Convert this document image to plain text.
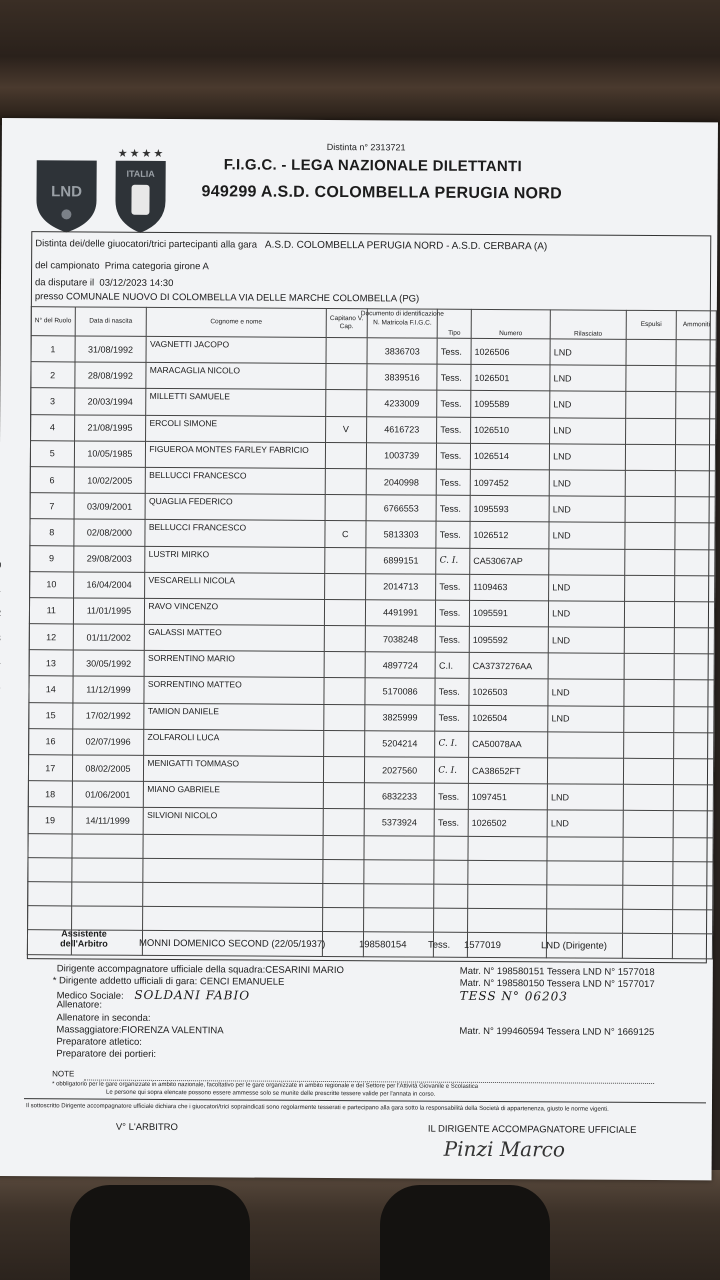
LND
★★★★
ITALIA
Distinta n° 2313721
F.I.G.C. - LEGA NAZIONALE DILETTANTI
949299 A.S.D. COLOMBELLA PERUGIA NORD
Distinta dei/delle giuocatori/trici partecipanti alla gara A.S.D. COLOMBELLA PERUGIA NORD - A.S.D. CERBARA (A)
del campionato Prima categoria girone A
da disputare il 03/12/2023 14:30
presso COMUNALE NUOVO DI COLOMBELLA VIA DELLE MARCHE COLOMBELLA (PG)
N° del Ruolo	Data di nascita	Cognome e nome	Capitano V. Cap.	N. Matricola F.I.G.C.	Tipo	Numero	Rilasciato	Espulsi	Ammoniti
1	31/08/1992	VAGNETTI JACOPO		3836703	Tess.	1026506	LND		
2	28/08/1992	MARACAGLIA NICOLO		3839516	Tess.	1026501	LND		
3	20/03/1994	MILLETTI SAMUELE		4233009	Tess.	1095589	LND		
4	21/08/1995	ERCOLI SIMONE	V	4616723	Tess.	1026510	LND		
5	10/05/1985	FIGUEROA MONTES FARLEY FABRICIO		1003739	Tess.	1026514	LND		
6	10/02/2005	BELLUCCI FRANCESCO		2040998	Tess.	1097452	LND		
7	03/09/2001	QUAGLIA FEDERICO		6766553	Tess.	1095593	LND		
8	02/08/2000	BELLUCCI FRANCESCO	C	5813303	Tess.	1026512	LND		
9	29/08/2003	LUSTRI MIRKO		6899151	C. I.	CA53067AP			
10	16/04/2004	VESCARELLI NICOLA		2014713	Tess.	1109463	LND		
11	11/01/1995	RAVO VINCENZO		4491991	Tess.	1095591	LND		
12	01/11/2002	GALASSI MATTEO		7038248	Tess.	1095592	LND		
13	30/05/1992	SORRENTINO MARIO		4897724	C.I.	CA3737276AA			
14	11/12/1999	SORRENTINO MATTEO		5170086	Tess.	1026503	LND		
15	17/02/1992	TAMION DANIELE		3825999	Tess.	1026504	LND		
16	02/07/1996	ZOLFAROLI LUCA		5204214	C. I.	CA50078AA			
17	08/02/2005	MENIGATTI TOMMASO		2027560	C. I.	CA38652FT			
18	01/06/2001	MIANO GABRIELE		6832233	Tess.	1097451	LND		
19	14/11/1999	SILVIONI NICOLO		5373924	Tess.	1026502	LND		

Documento di identificazione
Assistente dell'Arbitro	MONNI DOMENICO SECOND (22/05/1937)	198580154 Tess. 1577019	LND (Dirigente)
Dirigente accompagnatore ufficiale della squadra:CESARINI MARIO
* Dirigente addetto ufficiali di gara: CENCI EMANUELE
Medico Sociale: SOLDANI FABIO
Allenatore:
Allenatore in seconda:
Massaggiatore:FIORENZA VALENTINA
Preparatore atletico:
Preparatore dei portieri:
Matr. N° 198580151 Tessera LND N° 1577018
Matr. N° 198580150 Tessera LND N° 1577017
TESS N° 06203
Matr. N° 199460594 Tessera LND N° 1669125
NOTE
* obbligatorio per le gare organizzate in ambito nazionale, facoltativo per le gare organizzate in ambito regionale e del Settore per l'Attività Giovanile e Scolastica
Le persone qui sopra elencate possono essere ammesse solo se munite delle prescritte tessere valide per l'annata in corso.
Il sottoscritto Dirigente accompagnatore ufficiale dichiara che i giuocatori/trici sopraindicati sono regolarmente tesserati e partecipano alla gara sotto la responsabilità della Società di appartenenza, giusto le norme vigenti.
V° L'ARBITRO	IL DIRIGENTE ACCOMPAGNATORE UFFICIALE
Pinzi Marco
